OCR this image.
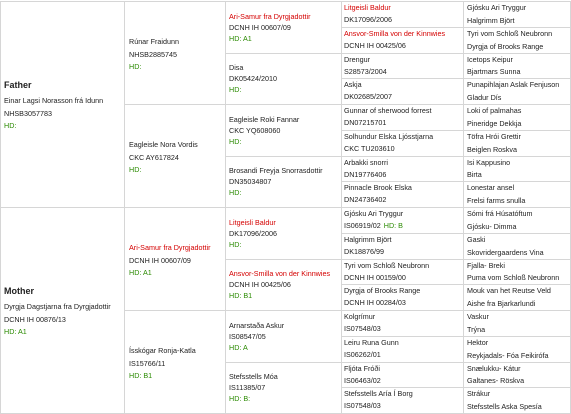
Father
Einar Lagsi Norasson frá Idunn
NHSB3057783
HD:
Mother
Dyrgja Dagstjarna fra Dyrgjadottir
DCNH IH 00876/13
HD: A1
Rúnar Fraidunn
NHSB2885745
HD:
Eagleisle Nora Vordis
CKC AY617824
HD:
Ari-Samur fra Dyrgjadottir
DCNH IH 00607/09
HD: A1
Ísskógar Ronja-Katla
IS15766/11
HD: B1
Ari-Samur fra Dyrgjadottir
DCNH IH 00607/09
HD: A1
Disa
DK05424/2010
HD:
Eagleisle Roki Fannar
CKC YQ608060
HD:
Brosandi Freyja Snorrasdottir
DN35034807
HD:
Litgeisli Baldur
DK17096/2006
HD:
Ansvor-Smilla von der Kinnwies
DCNH IH 00425/06
HD: B1
Arnarstaða Askur
IS08547/05
HD: A
Stefsstells Móa
IS11385/07
HD: B:
Litgeisli Baldur
DK17096/2006
Ansvor-Smilla von der Kinnwies
DCNH IH 00425/06
Drengur
S28573/2004
Askja
DK02685/2007
Gunnar of sherwood forrest
DN07215701
Solhundur Elska Ljósstjarna
CKC TU203610
Arbakki snorri
DN19776406
Pinnacle Brook Elska
DN24736402
Gjósku Ari Tryggur
IS06919/02 HD: B
Halgrimm Björt
DK18876/99
Tyri vom Schloß Neubronn
DCNH IH 00159/00
Dyrgja of Brooks Range
DCNH IH 00284/03
Kolgrímur
IS07548/03
Leiru Runa Gunn
IS06262/01
Fljóta Fróði
IS06463/02
Stefsstells Aría Í Borg
IS07548/03
Gjósku Ari Tryggur
Halgrimm Björt
Tyri vom Schloß Neubronn
Dyrgja of Brooks Range
Icetops Keipur
Bjartmars Sunna
Punapihlajan Aslak Fenjuson
Gladur Dís
Loki of palmahas
Pineridge Dekkja
Töfra Hrói Grettir
Beiglen Roskva
Isi Kappusino
Birta
Lonestar ansel
Frelsi farms snulla
Sómi frá Húsatóftum
Gjósku- Dimma
Gaski
Skovridergaardens Vina
Fjalla- Breki
Puma vom Schloß Neubronn
Mouk van het Reutse Veld
Aishe fra Bjarkarlundi
Vaskur
Trýna
Hektor
Reykjadals- Fóa Feikirófa
Snælukku- Kátur
Galtanes- Röskva
Strákur
Stefsstells Aska Spesía
